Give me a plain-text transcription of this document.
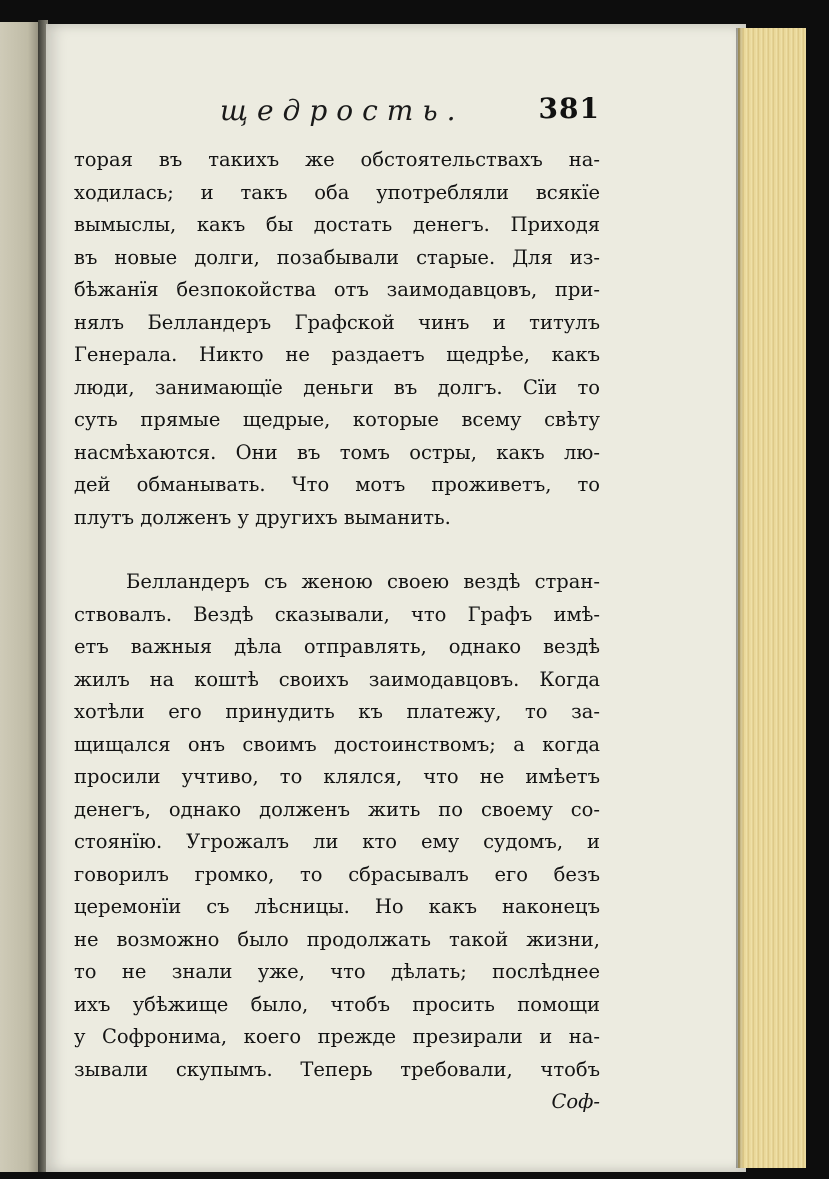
щедрость.	381
торая въ такихъ же обстоятельствахъ на-
ходилась; и такъ оба употребляли всякїе
вымыслы, какъ бы достать денегъ. Приходя
въ новые долги, позабывали старые. Для из-
бѣжанїя безпокойства отъ заимодавцовъ, при-
нялъ Белландеръ Графской чинъ и титулъ
Генерала. Никто не раздаетъ щедрѣе, какъ
люди, занимающїе деньги въ долгъ. Сїи то
суть прямые щедрые, которые всему свѣту
насмѣхаются. Они въ томъ остры, какъ лю-
дей обманывать. Что мотъ проживетъ, то
плутъ долженъ у другихъ выманить.
Белландеръ съ женою своею вездѣ стран-
ствовалъ. Вездѣ сказывали, что Графъ имѣ-
етъ важныя дѣла отправлять, однако вездѣ
жилъ на коштѣ своихъ заимодавцовъ. Когда
хотѣли его принудить къ платежу, то за-
щищался онъ своимъ достоинствомъ; а когда
просили учтиво, то клялся, что не имѣетъ
денегъ, однако долженъ жить по своему со-
стоянїю. Угрожалъ ли кто ему судомъ, и
говорилъ громко, то сбрасывалъ его безъ
церемонїи съ лѣсницы. Но какъ наконецъ
не возможно было продолжать такой жизни,
то не знали уже, что дѣлать; послѣднее
ихъ убѣжище было, чтобъ просить помощи
у Софронима, коего прежде презирали и на-
зывали скупымъ. Теперь требовали, чтобъ
Соф-
